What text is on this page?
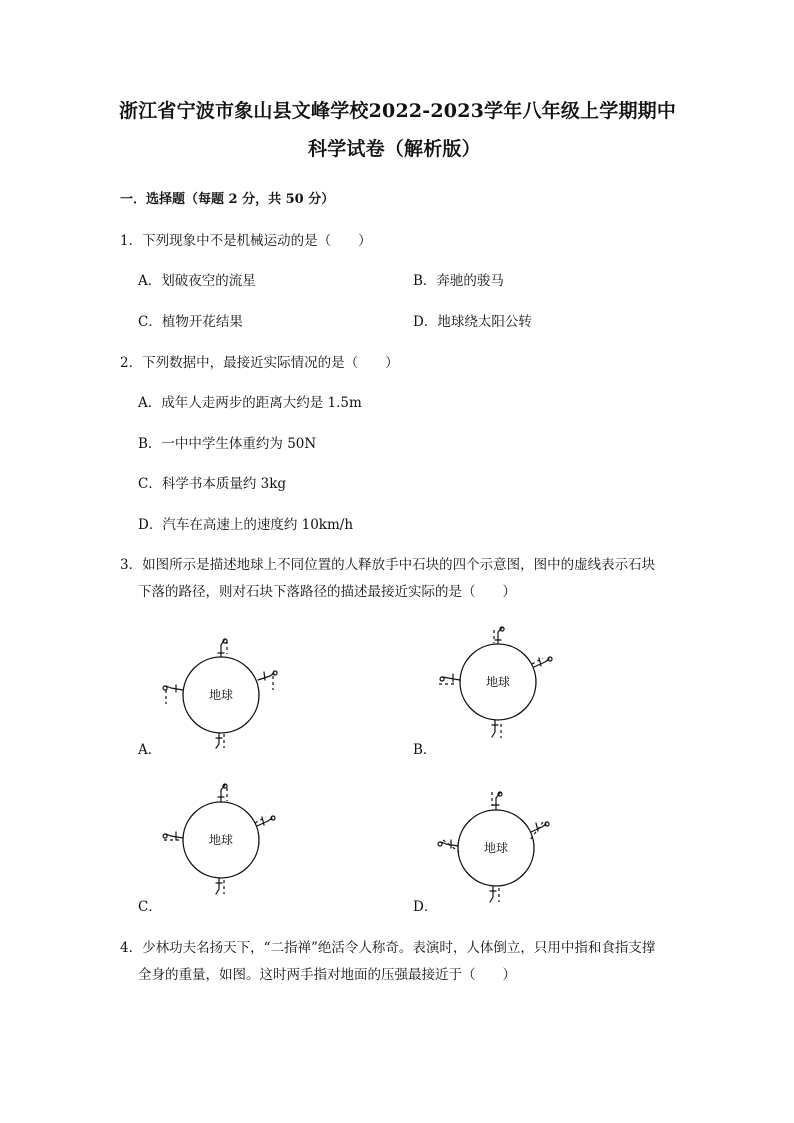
浙江省宁波市象山县文峰学校2022-2023学年八年级上学期期中
科学试卷（解析版）
一．选择题（每题 2 分，共 50 分）
1．下列现象中不是机械运动的是（　　）
A．划破夜空的流星	B．奔驰的骏马
C．植物开花结果	D．地球绕太阳公转
2．下列数据中，最接近实际情况的是（　　）
A．成年人走两步的距离大约是 1.5m
B．一中中学生体重约为 50N
C．科学书本质量约 3kg
D．汽车在高速上的速度约 10km/h
3．如图所示是描述地球上不同位置的人释放手中石块的四个示意图，图中的虚线表示石块
下落的路径，则对石块下落路径的描述最接近实际的是（　　）
地球
A．
地球
B．
地球
C．
地球
D．
4．少林功夫名扬天下，“二指禅”绝活令人称奇。表演时，人体倒立，只用中指和食指支撑
全身的重量，如图。这时两手指对地面的压强最接近于（　　）
